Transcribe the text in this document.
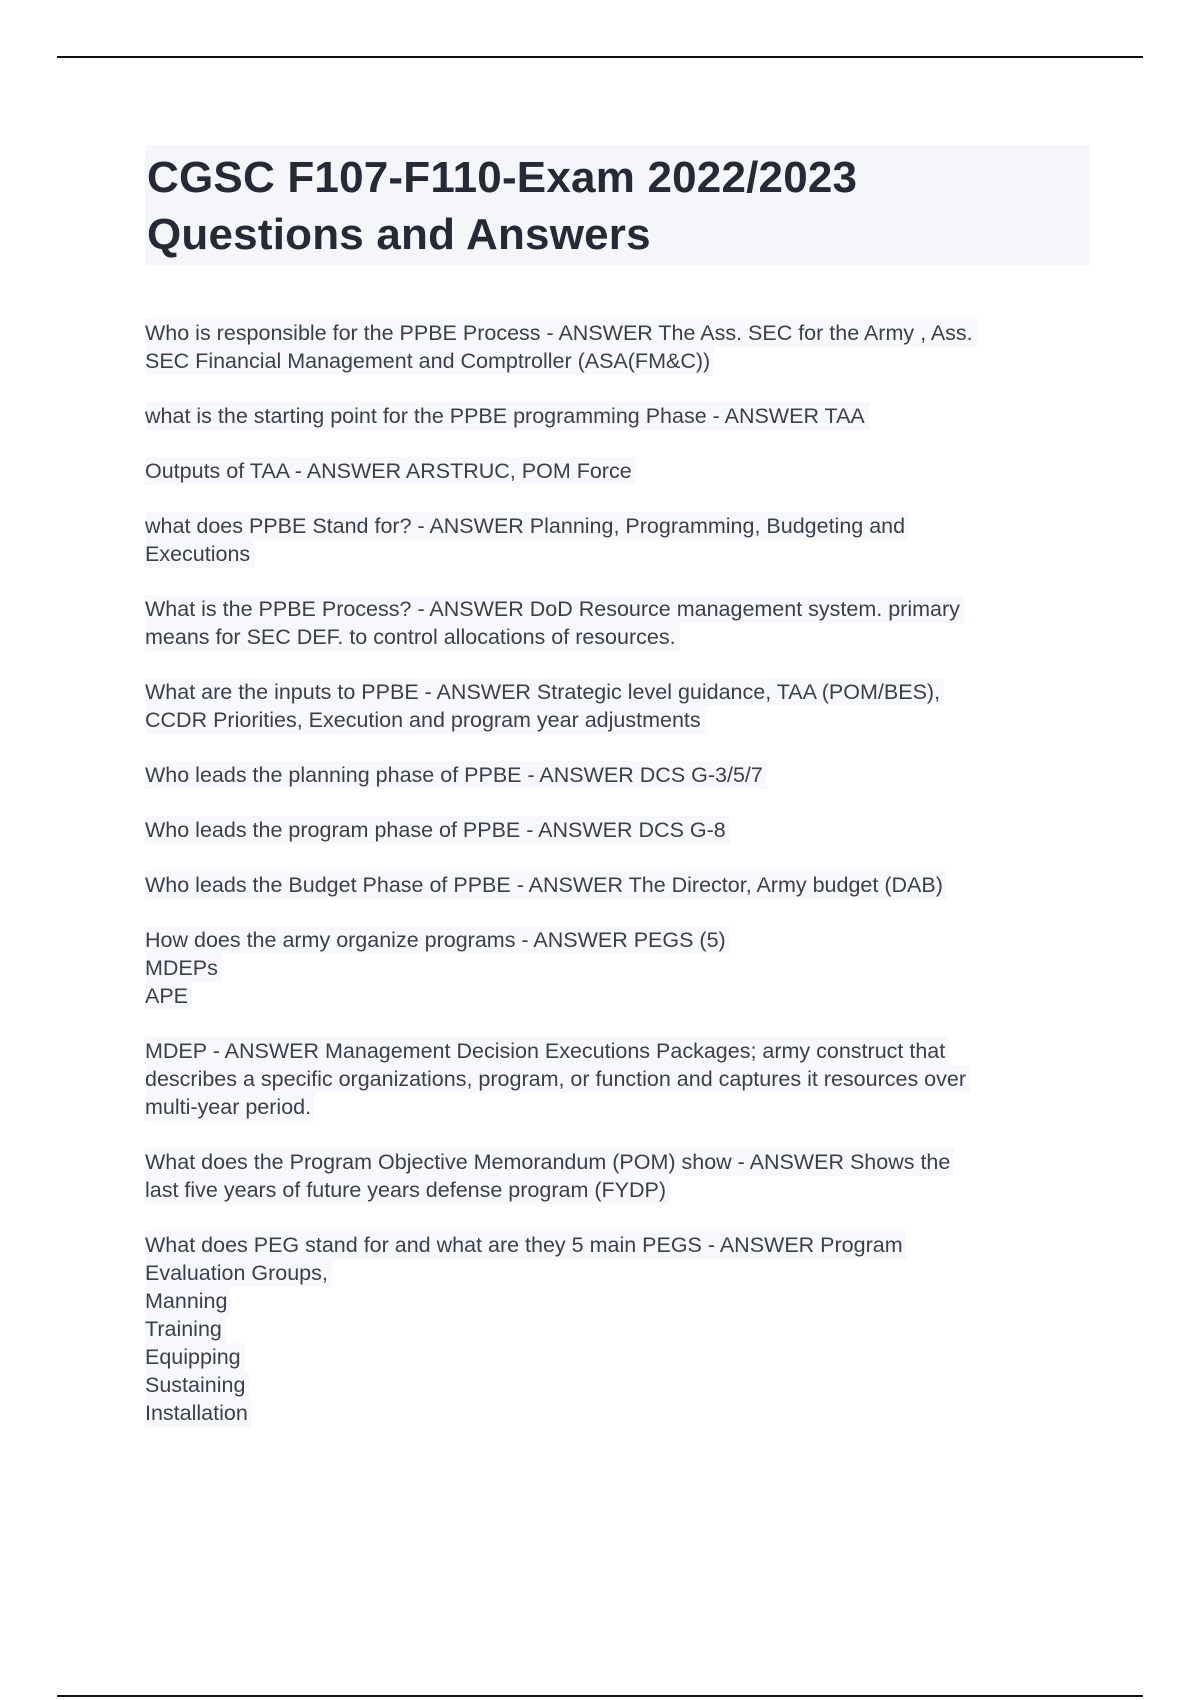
CGSC F107-F110-Exam 2022/2023
Questions and Answers
Who is responsible for the PPBE Process - ANSWER The Ass. SEC for the Army , Ass.
SEC Financial Management and Comptroller (ASA(FM&C))
what is the starting point for the PPBE programming Phase - ANSWER TAA
Outputs of TAA - ANSWER ARSTRUC, POM Force
what does PPBE Stand for? - ANSWER Planning, Programming, Budgeting and
Executions
What is the PPBE Process? - ANSWER DoD Resource management system. primary
means for SEC DEF. to control allocations of resources.
What are the inputs to PPBE - ANSWER Strategic level guidance, TAA (POM/BES),
CCDR Priorities, Execution and program year adjustments
Who leads the planning phase of PPBE - ANSWER DCS G-3/5/7
Who leads the program phase of PPBE - ANSWER DCS G-8
Who leads the Budget Phase of PPBE - ANSWER The Director, Army budget (DAB)
How does the army organize programs - ANSWER PEGS (5)
MDEPs
APE
MDEP - ANSWER Management Decision Executions Packages; army construct that
describes a specific organizations, program, or function and captures it resources over
multi-year period.
What does the Program Objective Memorandum (POM) show - ANSWER Shows the
last five years of future years defense program (FYDP)
What does PEG stand for and what are they 5 main PEGS - ANSWER Program
Evaluation Groups,
Manning
Training
Equipping
Sustaining
Installation
